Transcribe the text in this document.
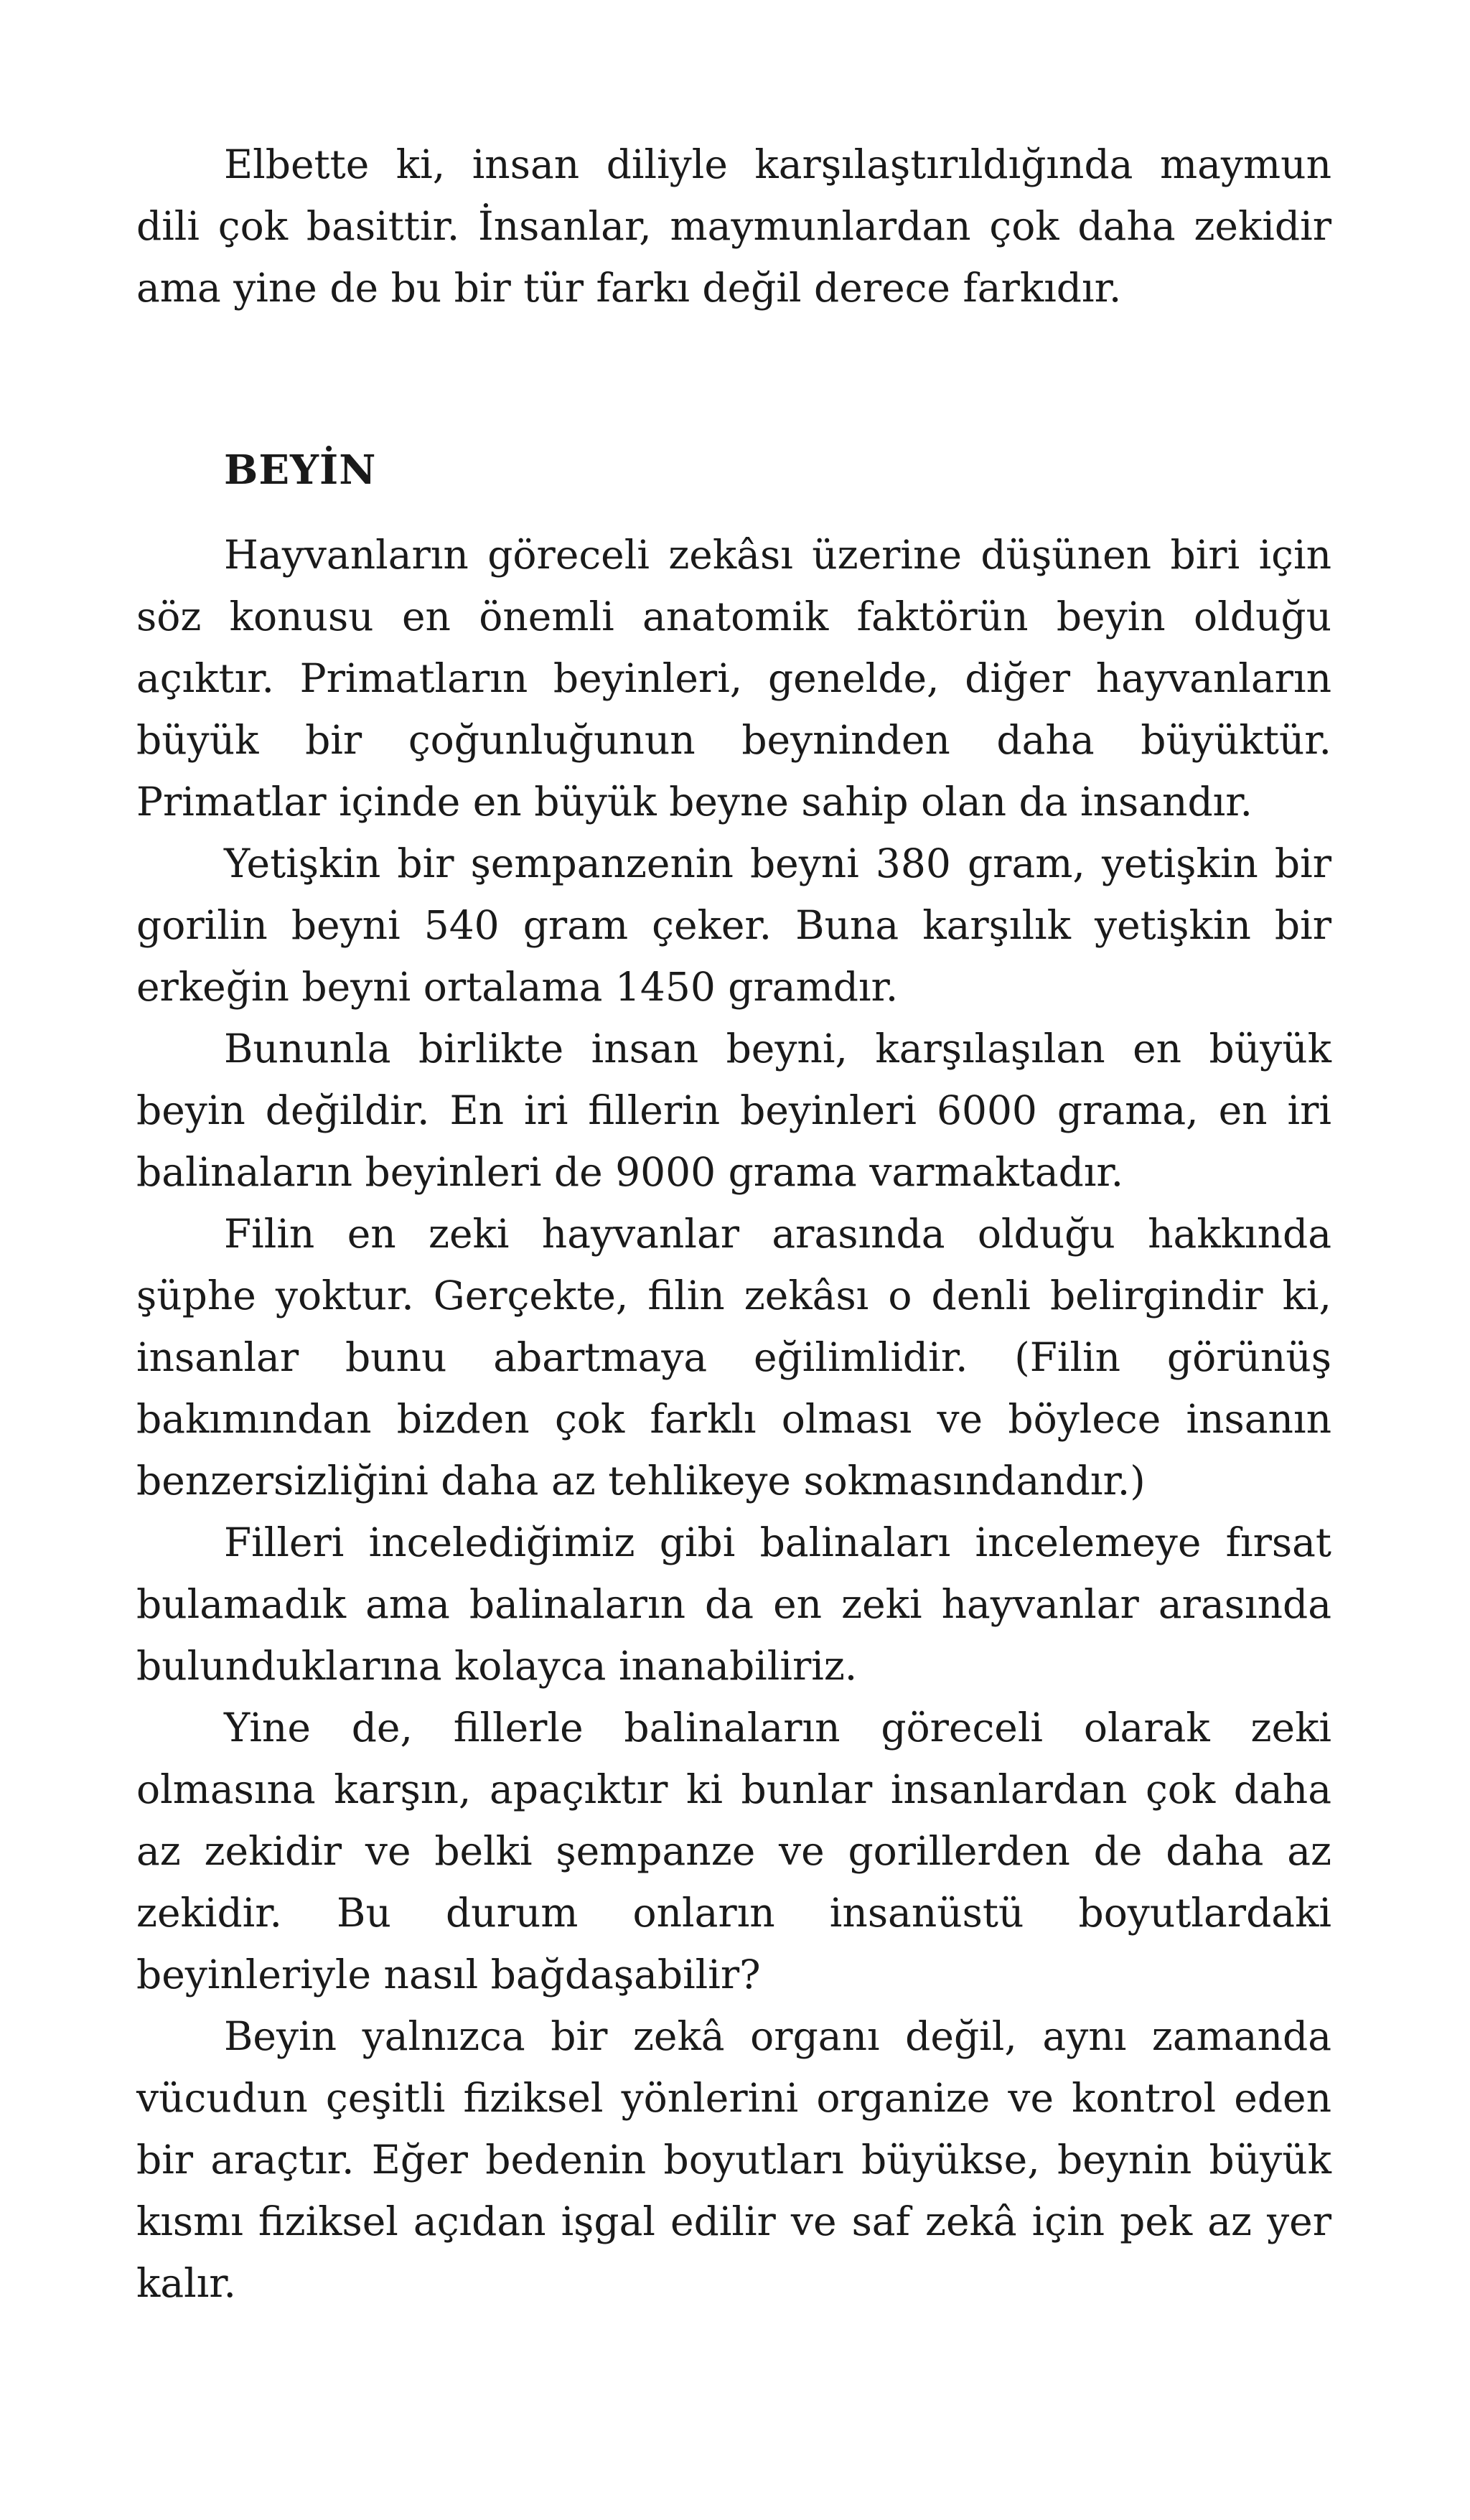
Elbette ki, insan diliyle karşılaştırıldığında maymun dili çok basittir. İnsanlar, maymunlardan çok daha zekidir ama yine de bu bir tür farkı değil derece farkıdır.

BEYİN

Hayvanların göreceli zekâsı üzerine düşünen biri için söz konusu en önemli anatomik faktörün beyin olduğu açıktır. Primatların beyinleri, genelde, diğer hayvanların büyük bir çoğunluğunun beyninden daha büyüktür. Primatlar içinde en büyük beyne sahip olan da insandır.

Yetişkin bir şempanzenin beyni 380 gram, yetişkin bir gorilin beyni 540 gram çeker. Buna karşılık yetişkin bir erkeğin beyni ortalama 1450 gramdır.

Bununla birlikte insan beyni, karşılaşılan en büyük beyin değildir. En iri fillerin beyinleri 6000 grama, en iri balinaların beyinleri de 9000 grama varmaktadır.

Filin en zeki hayvanlar arasında olduğu hakkında şüphe yoktur. Gerçekte, filin zekâsı o denli belirgindir ki, insanlar bunu abartmaya eğilimlidir. (Filin görünüş bakımından bizden çok farklı olması ve böylece insanın benzersizliğini daha az tehlikeye sokmasındandır.)

Filleri incelediğimiz gibi balinaları incelemeye fırsat bulamadık ama balinaların da en zeki hayvanlar arasında bulunduklarına kolayca inanabiliriz.

Yine de, fillerle balinaların göreceli olarak zeki olmasına karşın, apaçıktır ki bunlar insanlardan çok daha az zekidir ve belki şempanze ve gorillerden de daha az zekidir. Bu durum onların insanüstü boyutlardaki beyinleriyle nasıl bağdaşabilir?

Beyin yalnızca bir zekâ organı değil, aynı zamanda vücudun çeşitli fiziksel yönlerini organize ve kontrol eden bir araçtır. Eğer bedenin boyutları büyükse, beynin büyük kısmı fiziksel açıdan işgal edilir ve saf zekâ için pek az yer kalır.
